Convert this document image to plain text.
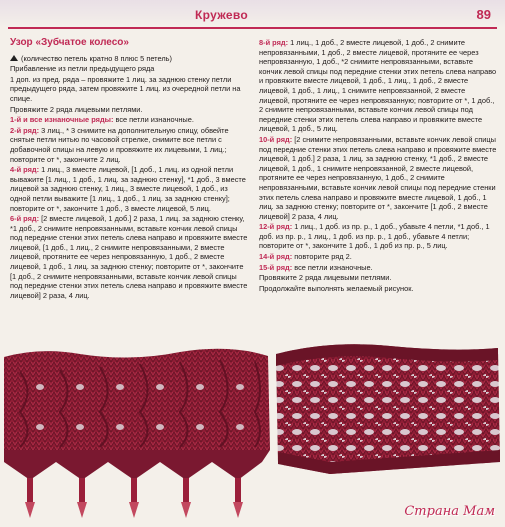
Кружево	89
Узор «Зубчатое колесо»

(количество петель кратно 8 плюс 5 петель)

Прибавление из петли предыдущего ряда

1 доп. из пред. ряда – провяжите 1 лиц. за заднюю стенку петли предыдущего ряда, затем провяжите 1 лиц. из очередной петли на спице.

Провяжите 2 ряда лицевыми петлями.

1-й и все изнаночные ряды: все петли изнаночные.

2-й ряд: 3 лиц., * 3 снимите на дополнительную спицу, обвейте снятые петли нитью по часовой стрелке, снимите все петли с добавочной спицы на левую и провяжите их лицевыми, 1 лиц.; повторите от *, закончите 2 лиц.

4-й ряд: 1 лиц., 3 вместе лицевой, [1 доб., 1 лиц. из одной петли выважите [1 лиц., 1 доб., 1 лиц. за заднюю стенку], *1 доб., 3 вместе лицевой за заднюю стенку, 1 лиц., 3 вместе лицевой, 1 доб., из одной петли выважите [1 лиц., 1 доб., 1 лиц. за заднюю стенку]; повторите от *, закончите 1 доб., 3 вместе лицевой, 5 лиц.

6-й ряд: [2 вместе лицевой, 1 доб.] 2 раза, 1 лиц. за заднюю стенку, *1 доб., 2 снимите непровязанными, вставьте кончик левой спицы под передние стенки этих петель слева направо и провяжите вместе лицевой, [1 доб., 1 лиц., 2 снимите непровязанными, 2 вместе лицевой, протяните ее через непровязанную, 1 доб., 2 вместе лицевой, 1 доб., 1 лиц. за заднюю стенку; повторите от *, закончите [1 доб., 2 снимите непровязанными, вставьте кончик левой спицы под передние стенки этих петель слева направо и провяжите вместе лицевой] 2 раза, 4 лиц.

8-й ряд: 1 лиц., 1 доб., 2 вместе лицевой, 1 доб., 2 снимите непровязанными, 1 доб., 2 вместе лицевой, протяните ее через непровязанную, 1 доб., *2 снимите непровязанными, вставьте кончик левой спицы под передние стенки этих петель слева направо и провяжите вместе лицевой, 1 доб., 1 лиц., 1 доб., 2 вместе лицевой, 1 доб., 1 лиц., 1 снимите непровязанной, 2 вместе лицевой, протяните ее через непровязанную; повторите от *, 1 доб., 2 снимите непровязанными, вставьте кончик левой спицы под передние стенки этих петель слева направо и провяжите вместе лицевой, 1 доб., 5 лиц.

10-й ряд: [2 снимите непровязанными, вставьте кончик левой спицы под передние стенки этих петель слева направо и провяжите вместе лицевой, 1 доб.] 2 раза, 1 лиц. за заднюю стенку, *1 доб., 2 вместе лицевой, 1 доб., 1 снимите непровязанной, 2 вместе лицевой, протяните ее через непровязанную, 1 доб., 2 снимите непровязанными, вставьте кончик левой спицы под передние стенки этих петель слева направо и провяжите вместе лицевой, 1 доб., 1 лиц. за заднюю стенку; повторите от *, закончите [1 доб., 2 вместе лицевой] 2 раза, 4 лиц.

12-й ряд: 1 лиц., 1 доб. из пр. р., 1 доб., убавьте 4 петли, *1 доб., 1 доб. из пр. р., 1 лиц., 1 доб. из пр. р., 1 доб., убавьте 4 петли; повторите от *, закончите 1 доб., 1 доб из пр. р., 5 лиц.

14-й ряд: повторите ряд 2.

15-й ряд: все петли изнаночные.

Провяжите 2 ряда лицевыми петлями.

Продолжайте выполнять желаемый рисунок.

Страна Мам
